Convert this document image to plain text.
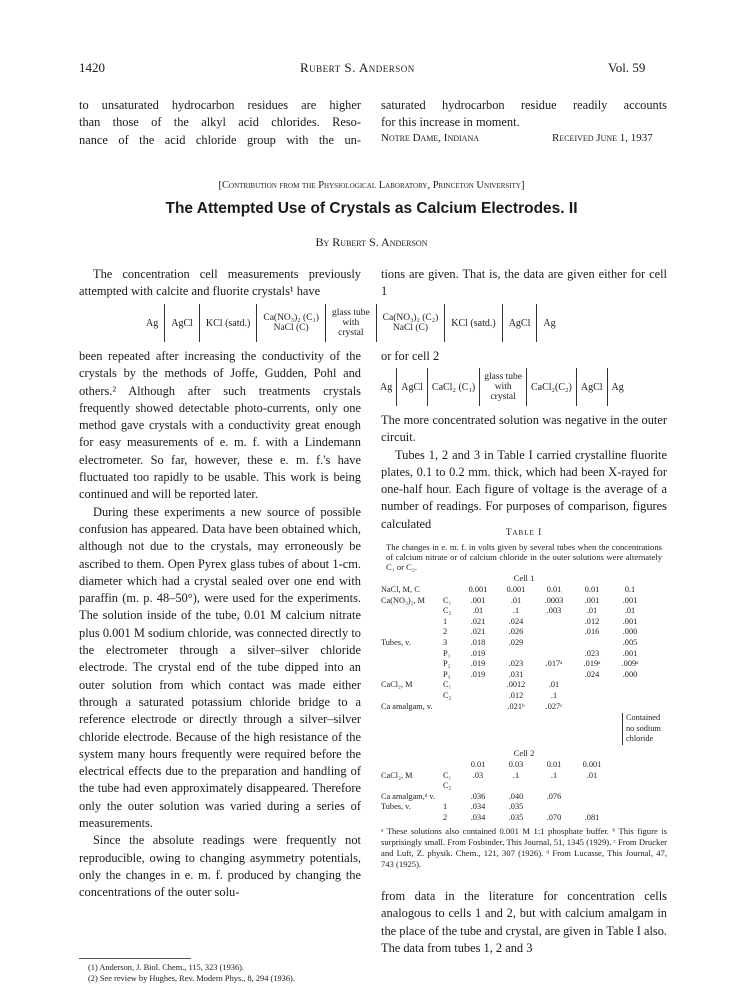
1420	Rubert S. Anderson	Vol. 59
to unsaturated hydrocarbon residues are higher
than those of the alkyl acid chlorides. Reso-
nance of the acid chloride group with the un-
saturated hydrocarbon residue readily accounts
for this increase in moment.
Notre Dame, Indiana	Received June 1, 1937
[Contribution from the Physiological Laboratory, Princeton University]
The Attempted Use of Crystals as Calcium Electrodes. II
By Rubert S. Anderson

The concentration cell measurements previously attempted with calcite and fluorite crystals¹ have

tions are given. That is, the data are given either for cell 1

Ag	AgCl	KCl (satd.)	Ca(NO₃)₂ (C₁)
NaCl (C)
glass tube
with
crystal
Ca(NO₃)₂ (C₂)
NaCl (C)	KCl (satd.)	AgCl	Ag

been repeated after increasing the conductivity of the crystals by the methods of Joffe, Gudden, Pohl and others.² Although after such treatments crystals frequently showed detectable photo-currents, only one method gave crystals with a conductivity great enough for easy measurements of e. m. f. with a Lindemann electrometer. So far, however, these e. m. f.'s have fluctuated too rapidly to be usable. This work is being continued and will be reported later.

During these experiments a new source of possible confusion has appeared. Data have been obtained which, although not due to the crystals, may erroneously be ascribed to them. Open Pyrex glass tubes of about 1-cm. diameter which had a crystal sealed over one end with paraffin (m. p. 48–50°), were used for the experiments. The solution inside of the tube, 0.01 M calcium nitrate plus 0.001 M sodium chloride, was connected directly to the electrometer through a silver–silver chloride electrode. The crystal end of the tube dipped into an outer solution from which contact was made either through a saturated potassium chloride bridge to a reference electrode or directly through a silver–silver chloride electrode. Because of the high resistance of the system many hours frequently were required before the electrical effects due to the preparation and handling of the tube had even approximately disappeared. Therefore only the outer solution was varied during a series of measurements.

Since the absolute readings were frequently not reproducible, owing to changing asymmetry potentials, only the changes in e. m. f. produced by changing the concentrations of the outer solu-

(1) Anderson, J. Biol. Chem., 115, 323 (1936).
(2) See review by Hughes, Rev. Modern Phys., 8, 294 (1936).

or for cell 2

Ag AgCl CaCl₂ (C₁)
glass tube
with
crystal
CaCl₂(C₂) AgCl Ag

The more concentrated solution was negative in the outer circuit.

Tubes 1, 2 and 3 in Table I carried crystalline fluorite plates, 0.1 to 0.2 mm. thick, which had been X-rayed for one-half hour. Each figure of voltage is the average of a number of readings. For purposes of comparison, figures calculated

Table I
The changes in e. m. f. in volts given by several tubes when the concentrations of calcium nitrate or of calcium chloride in the outer solutions were alternately C₁ or C₂.
Cell 1
NaCl, M, C		0.001	0.001	0.01	0.01	0.1
Ca(NO₃)₂, M	C₁	.001	.01	.0003	.001	.001
	C₂	.01	.1	.003	.01	.01
	1	.021	.024		.012	.001
	2	.021	.026		.016	.000
Tubes, v.	3	.018	.029			.005
	P₁	.019			.023	.001
	P₂	.019	.023	.017ᵃ	.019ᵃ	.009ᵃ
	P₃	.019	.031		.024	.000
CaCl₂, M	C₁		.0012	.01		
	C₂		.012	.1		
Ca amalgam, v.			.021ᵇ	.027ᶜ		
Contained
no sodium
chloride
Cell 2
		0.01	0.03	0.01	0.001
CaCl₂, M	C₁	.03	.1	.1	.01
	C₂				
Ca amalgam,ᵈ v.		.036	.040	.076	
Tubes, v.	1	.034	.035		
	2	.034	.035	.070	.081
ᵃ These solutions also contained 0.001 M 1:1 phosphate buffer. ᵇ This figure is surprisingly small. From Fosbinder, This Journal, 51, 1345 (1929). ᶜ From Drucker and Luft, Z. physik. Chem., 121, 307 (1926). ᵈ From Lucasse, This Journal, 47, 743 (1925).

from data in the literature for concentration cells analogous to cells 1 and 2, but with calcium amalgam in the place of the tube and crystal, are given in Table I also. The data from tubes 1, 2 and 3
